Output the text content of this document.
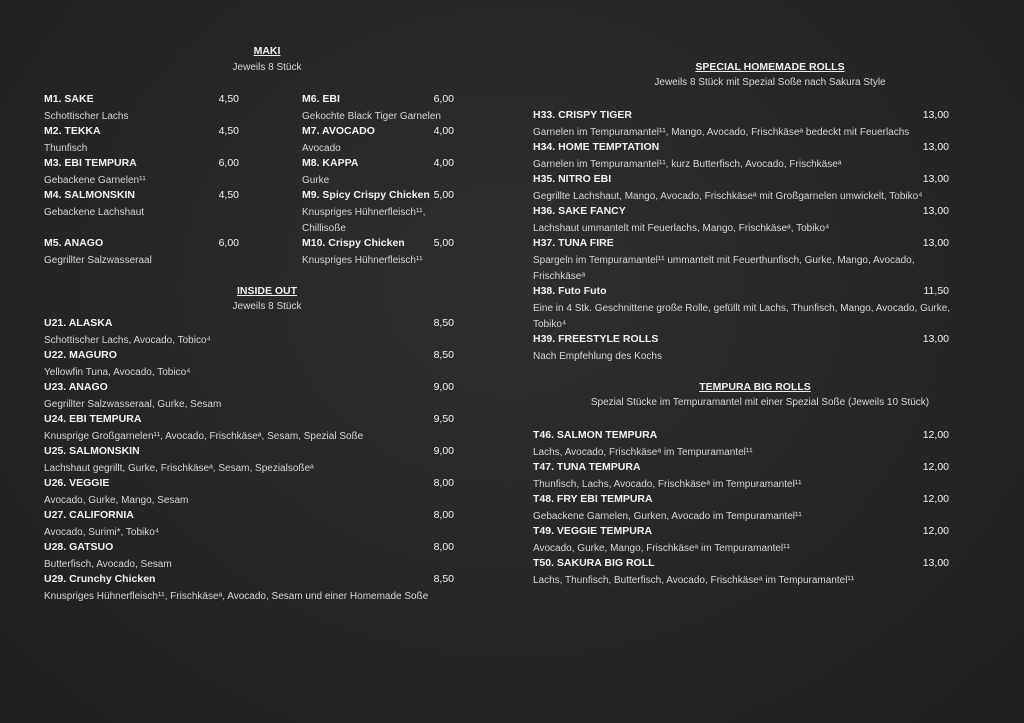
MAKI
Jeweils 8 Stück
M1. SAKE	4,50
Schottischer Lachs
M2. TEKKA	4,50
Thunfisch
M3. EBI TEMPURA	6,00
Gebackene Garnelen¹¹
M4. SALMONSKIN	4,50
Gebackene Lachshaut
M5. ANAGO	6,00
Gegrillter Salzwasseraal
M6. EBI	6,00
Gekochte Black Tiger Garnelen
M7. AVOCADO	4,00
Avocado
M8. KAPPA	4,00
Gurke
M9. Spicy Crispy Chicken 5,00
Knuspriges Hühnerfleisch¹¹, Chillisoße
M10. Crispy Chicken	5,00
Knuspriges Hühnerfleisch¹¹
INSIDE OUT
Jeweils 8 Stück
U21. ALASKA	8,50
Schottischer Lachs, Avocado, Tobico⁴
U22. MAGURO	8,50
Yellowfin Tuna, Avocado, Tobico⁴
U23. ANAGO	9,00
Gegrillter Salzwasseraal, Gurke, Sesam
U24. EBI TEMPURA	9,50
Knusprige Großgarnelen¹¹, Avocado, Frischkäseᵃ, Sesam, Spezial Soße
U25. SALMONSKIN	9,00
Lachshaut gegrillt, Gurke, Frischkäseᵃ, Sesam, Spezialsoßeᵃ
U26. VEGGIE	8,00
Avocado, Gurke, Mango, Sesam
U27. CALIFORNIA	8,00
Avocado, Surimi*, Tobiko⁴
U28. GATSUO	8,00
Butterfisch, Avocado, Sesam
U29. Crunchy Chicken	8,50
Knuspriges Hühnerfleisch¹¹, Frischkäseᵃ, Avocado, Sesam und einer Homemade Soße
SPECIAL HOMEMADE ROLLS
Jeweils 8 Stück mit Spezial Soße nach Sakura Style
H33. CRISPY TIGER	13,00
Garnelen im Tempuramantel¹¹, Mango, Avocado, Frischkäseᵃ bedeckt mit Feuerlachs
H34. HOME TEMPTATION	13,00
Garnelen im Tempuramantel¹¹, kurz Butterfisch, Avocado, Frischkäseᵃ
H35. NITRO EBI	13,00
Gegrillte Lachshaut, Mango, Avocado, Frischkäseᵃ mit Großgarnelen umwickelt, Tobiko⁴
H36. SAKE FANCY	13,00
Lachshaut ummantelt mit Feuerlachs, Mango, Frischkäseᵃ, Tobiko⁴
H37. TUNA FIRE	13,00
Spargeln im Tempuramantel¹¹ ummantelt mit Feuerthunfisch, Gurke, Mango, Avocado, Frischkäseᵃ
H38. Futo Futo	11,50
Eine in 4 Stk. Geschnittene große Rolle, gefüllt mit Lachs, Thunfisch, Mango, Avocado, Gurke, Tobiko⁴
H39. FREESTYLE ROLLS	13,00
Nach Empfehlung des Kochs
TEMPURA BIG ROLLS
Spezial Stücke im Tempuramantel mit einer Spezial Soße (Jeweils 10 Stück)
T46. SALMON TEMPURA	12,00
Lachs, Avocado, Frischkäseᵃ im Tempuramantel¹¹
T47. TUNA TEMPURA	12,00
Thunfisch, Lachs, Avocado, Frischkäseᵃ im Tempuramantel¹¹
T48. FRY EBI TEMPURA	12,00
Gebackene Garnelen, Gurken, Avocado im Tempuramantel¹¹
T49. VEGGIE TEMPURA	12,00
Avocado, Gurke, Mango, Frischkäseᵃ im Tempuramantel¹¹
T50. SAKURA BIG ROLL	13,00
Lachs, Thunfisch, Butterfisch, Avocado, Frischkäseᵃ im Tempuramantel¹¹
